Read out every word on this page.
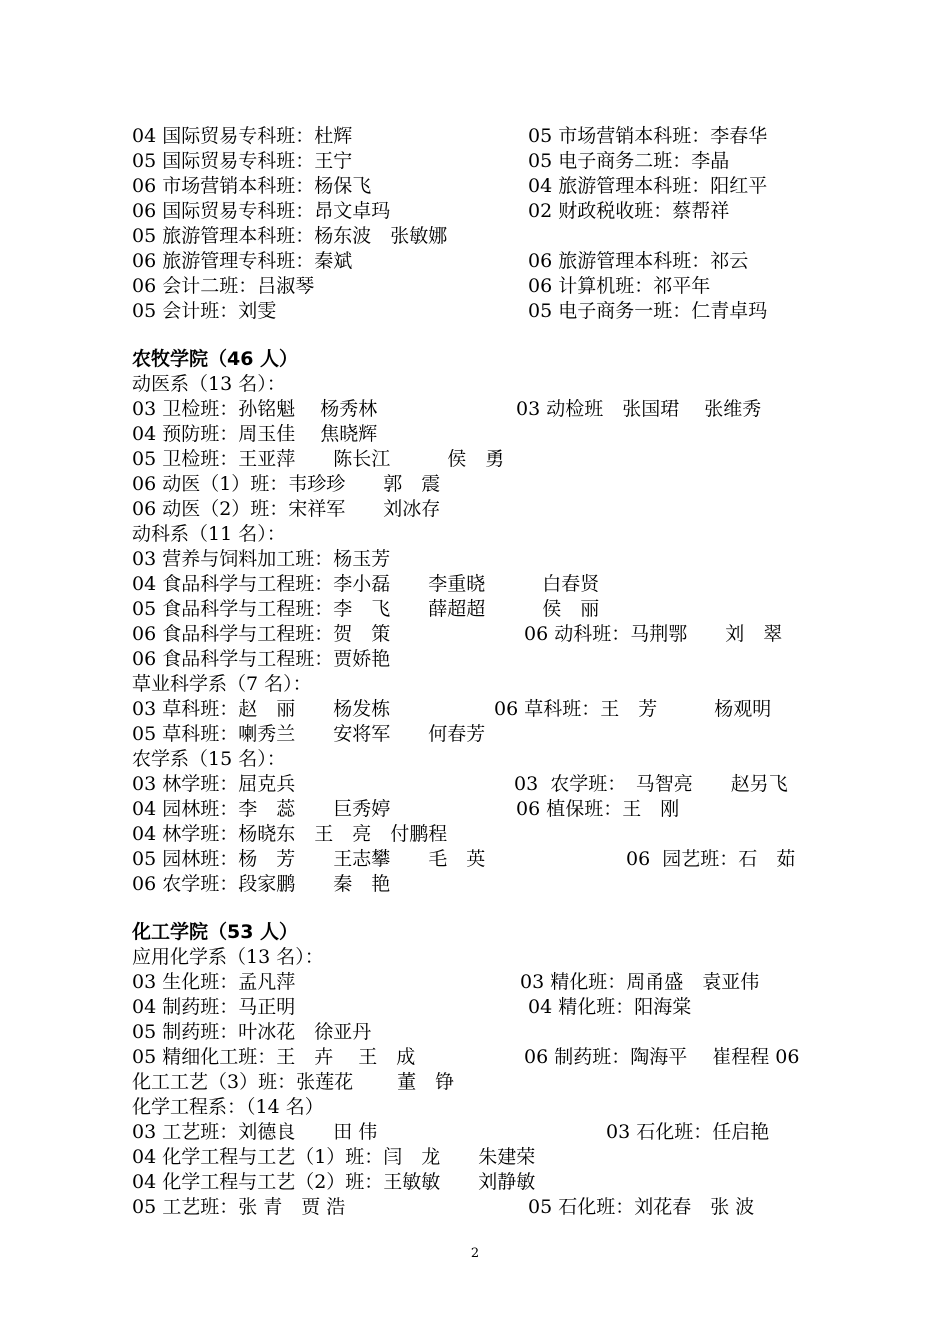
04 国际贸易专科班：杜辉	05 市场营销本科班：李春华
05 国际贸易专科班：王宁	05 电子商务二班：李晶
06 市场营销本科班：杨保飞	04 旅游管理本科班：阳红平
06 国际贸易专科班：昂文卓玛	02 财政税收班：蔡帮祥
05 旅游管理本科班：杨东波　张敏娜
06 旅游管理专科班：秦斌	06 旅游管理本科班：祁云
06 会计二班：吕淑琴	06 计算机班：祁平年
05 会计班：刘雯	05 电子商务一班：仁青卓玛
农牧学院（46 人）
动医系（13 名）：
03 卫检班：孙铭魁　 杨秀林	03 动检班　张国珺　 张维秀
04 预防班：周玉佳　 焦晓辉
05 卫检班：王亚萍　　陈长江　　　侯　勇
06 动医（1）班：韦珍珍　　郭　震
06 动医（2）班：宋祥军　　刘冰存
动科系（11 名）：
03 营养与饲料加工班：杨玉芳
04 食品科学与工程班：李小磊　　李重晓　　　白春贤
05 食品科学与工程班：李　飞　　薛超超　　　侯　丽
06 食品科学与工程班：贺　策	06 动科班：马荆鄂　　刘　翠
06 食品科学与工程班：贾娇艳
草业科学系（7 名）：
03 草科班：赵　丽　　杨发栋	06 草科班：王　芳　　　杨观明
05 草科班：喇秀兰　　安将军　　何春芳
农学系（15 名）：
03 林学班：屈克兵	03  农学班：　马智亮　　赵另飞
04 园林班：李　蕊　　巨秀婷	06 植保班：王　刚
04 林学班：杨晓东　王　亮　付鹏程
05 园林班：杨　芳　　王志攀　　毛　英	06  园艺班：石　茹
06 农学班：段家鹏　　秦　艳
化工学院（53 人）
应用化学系（13 名）：
03 生化班：孟凡萍	03 精化班：周甬盛　袁亚伟
04 制药班：马正明	04 精化班：阳海棠
05 制药班：叶冰花　徐亚丹
05 精细化工班：王　卉　 王　成	06 制药班：陶海平　 崔程程 06
化工工艺（3）班：张莲花　　 董　铮
化学工程系：（14 名）
03 工艺班：刘德良　　田 伟	03 石化班：任启艳
04 化学工程与工艺（1）班：闫　龙　　朱建荣
04 化学工程与工艺（2）班：王敏敏　　刘静敏
05 工艺班：张 青　贾 浩	05 石化班：刘花春　张 波
2
